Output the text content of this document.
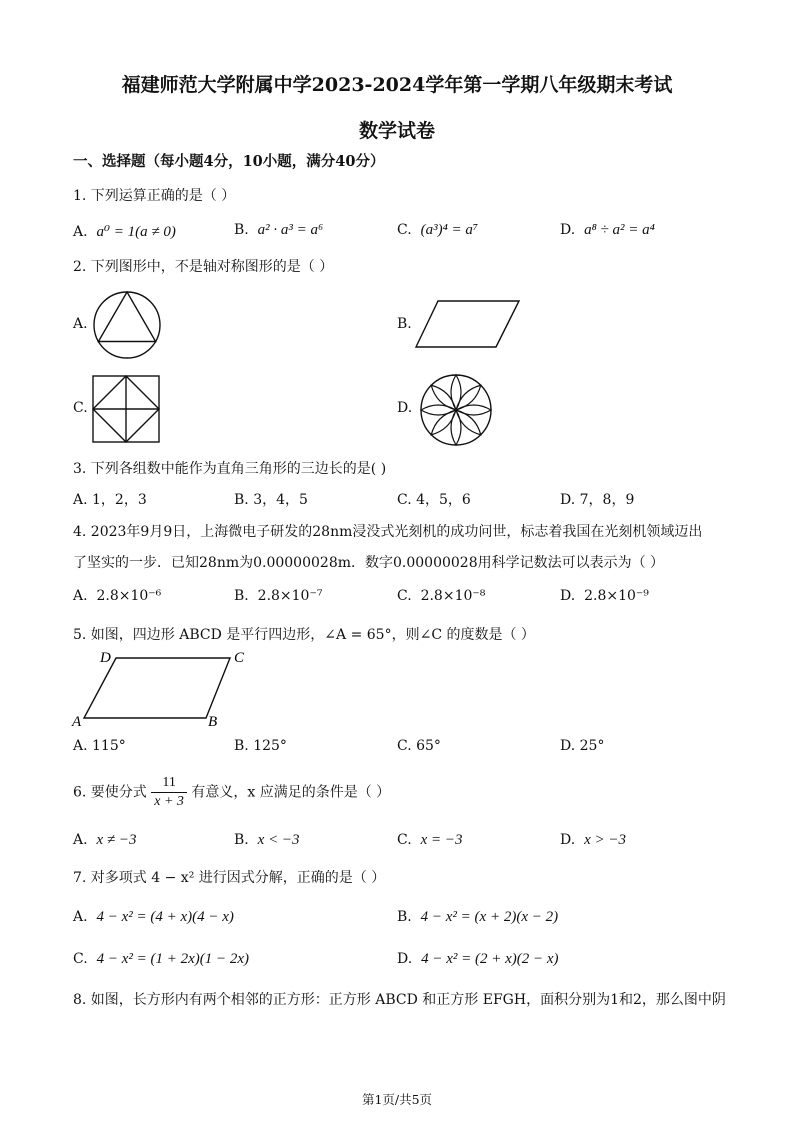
福建师范大学附属中学2023-2024学年第一学期八年级期末考试
数学试卷
一、选择题（每小题4分，10小题，满分40分）
1. 下列运算正确的是（ ）
A. a⁰ = 1(a ≠ 0)	B. a² · a³ = a⁶	C. (a³)⁴ = a⁷	D. a⁸ ÷ a² = a⁴
2. 下列图形中，不是轴对称图形的是（ ）
A.	B.
C.	D.
3. 下列各组数中能作为直角三角形的三边长的是( )
A. 1，2，3	B. 3，4，5	C. 4，5，6	D. 7，8，9
4. 2023年9月9日，上海微电子研发的28nm浸没式光刻机的成功问世，标志着我国在光刻机领域迈出
了坚实的一步．已知28nm为0.00000028m．数字0.00000028用科学记数法可以表示为（ ）
A. 2.8×10⁻⁶	B. 2.8×10⁻⁷	C. 2.8×10⁻⁸	D. 2.8×10⁻⁹
5. 如图，四边形 ABCD 是平行四边形，∠A = 65°，则∠C 的度数是（ ）
D	C
A	B
A. 115°	B. 125°	C. 65°	D. 25°
6. 要使分式 $\frac{11}{x + 3}$ 有意义，x 应满足的条件是（ ）
A. x ≠ −3	B. x < −3	C. x = −3	D. x > −3
7. 对多项式 4 − x² 进行因式分解，正确的是（ ）
A. 4 − x² = (4 + x)(4 − x)	B. 4 − x² = (x + 2)(x − 2)
C. 4 − x² = (1 + 2x)(1 − 2x)	D. 4 − x² = (2 + x)(2 − x)
8. 如图，长方形内有两个相邻的正方形：正方形 ABCD 和正方形 EFGH，面积分别为1和2，那么图中阴
第1页/共5页
